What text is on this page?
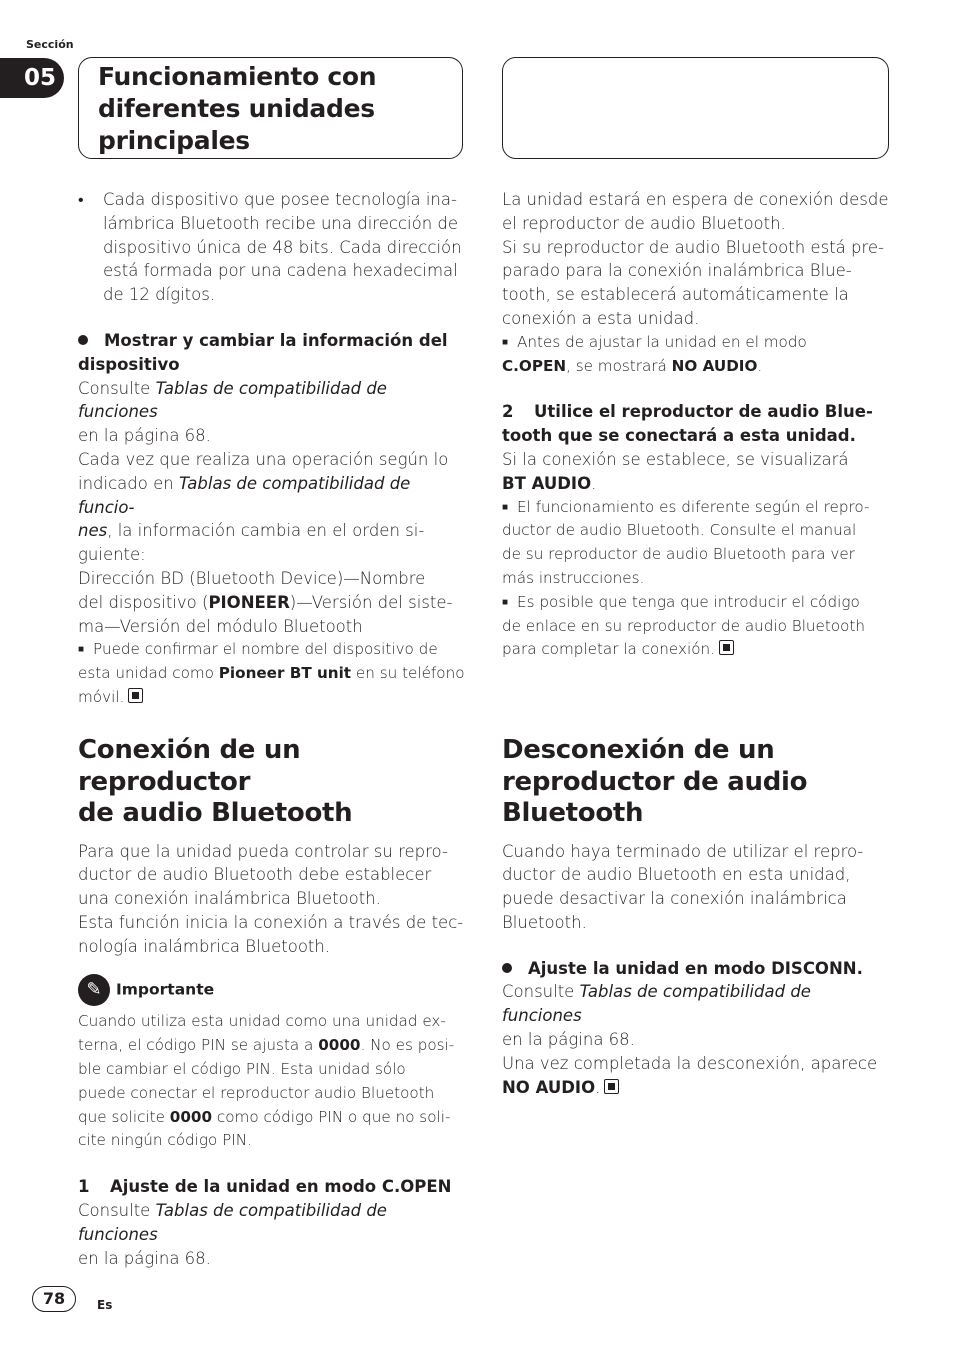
Sección
05	Funcionamiento con
diferentes unidades
principales
•	Cada dispositivo que posee tecnología ina-

lámbrica Bluetooth recibe una dirección de

dispositivo única de 48 bits. Cada dirección

está formada por una cadena hexadecimal

de 12 dígitos.

Mostrar y cambiar la información del

dispositivo

Consulte Tablas de compatibilidad de funciones

en la página 68.

Cada vez que realiza una operación según lo

indicado en Tablas de compatibilidad de funcio-

nes, la información cambia en el orden si-

guiente:

Dirección BD (Bluetooth Device)—Nombre

del dispositivo (PIONEER)—Versión del siste-

ma—Versión del módulo Bluetooth

■ Puede confirmar el nombre del dispositivo de

esta unidad como Pioneer BT unit en su teléfono

móvil.

La unidad estará en espera de conexión desde

el reproductor de audio Bluetooth.

Si su reproductor de audio Bluetooth está pre-

parado para la conexión inalámbrica Blue-

tooth, se establecerá automáticamente la

conexión a esta unidad.

■ Antes de ajustar la unidad en el modo

C.OPEN, se mostrará NO AUDIO.

2 Utilice el reproductor de audio Blue-

tooth que se conectará a esta unidad.

Si la conexión se establece, se visualizará

BT AUDIO.

■ El funcionamiento es diferente según el repro-

ductor de audio Bluetooth. Consulte el manual

de su reproductor de audio Bluetooth para ver

más instrucciones.

■ Es posible que tenga que introducir el código

de enlace en su reproductor de audio Bluetooth

para completar la conexión.

Conexión de un reproductor
de audio Bluetooth

Para que la unidad pueda controlar su repro-

ductor de audio Bluetooth debe establecer

una conexión inalámbrica Bluetooth.

Esta función inicia la conexión a través de tec-

nología inalámbrica Bluetooth.

✎ Importante

Cuando utiliza esta unidad como una unidad ex-

terna, el código PIN se ajusta a 0000. No es posi-

ble cambiar el código PIN. Esta unidad sólo

puede conectar el reproductor audio Bluetooth

que solicite 0000 como código PIN o que no soli-

cite ningún código PIN.

1 Ajuste de la unidad en modo C.OPEN

Consulte Tablas de compatibilidad de funciones

en la página 68.

Desconexión de un
reproductor de audio
Bluetooth

Cuando haya terminado de utilizar el repro-

ductor de audio Bluetooth en esta unidad,

puede desactivar la conexión inalámbrica

Bluetooth.

Ajuste la unidad en modo DISCONN.

Consulte Tablas de compatibilidad de funciones

en la página 68.

Una vez completada la desconexión, aparece

NO AUDIO.

78	Es
